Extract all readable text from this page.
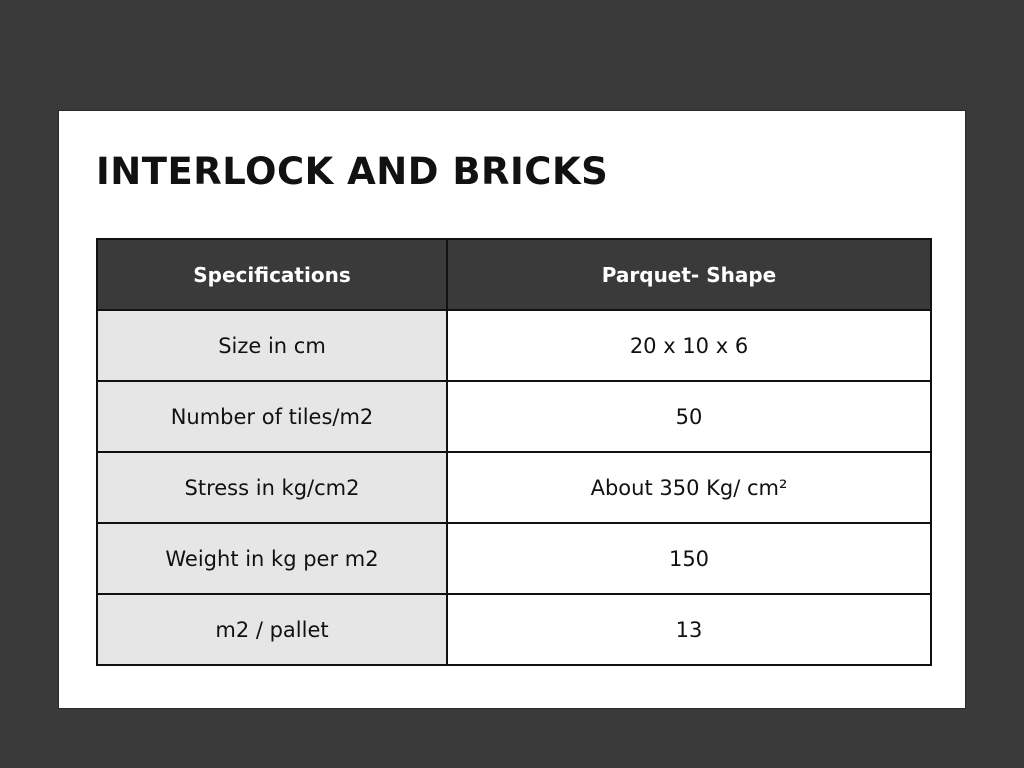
INTERLOCK AND BRICKS
Specifications	Parquet- Shape
Size in cm	20 x 10 x 6
Number of tiles/m2	50
Stress in kg/cm2	About 350 Kg/ cm²
Weight in kg per m2	150
m2 / pallet	13
